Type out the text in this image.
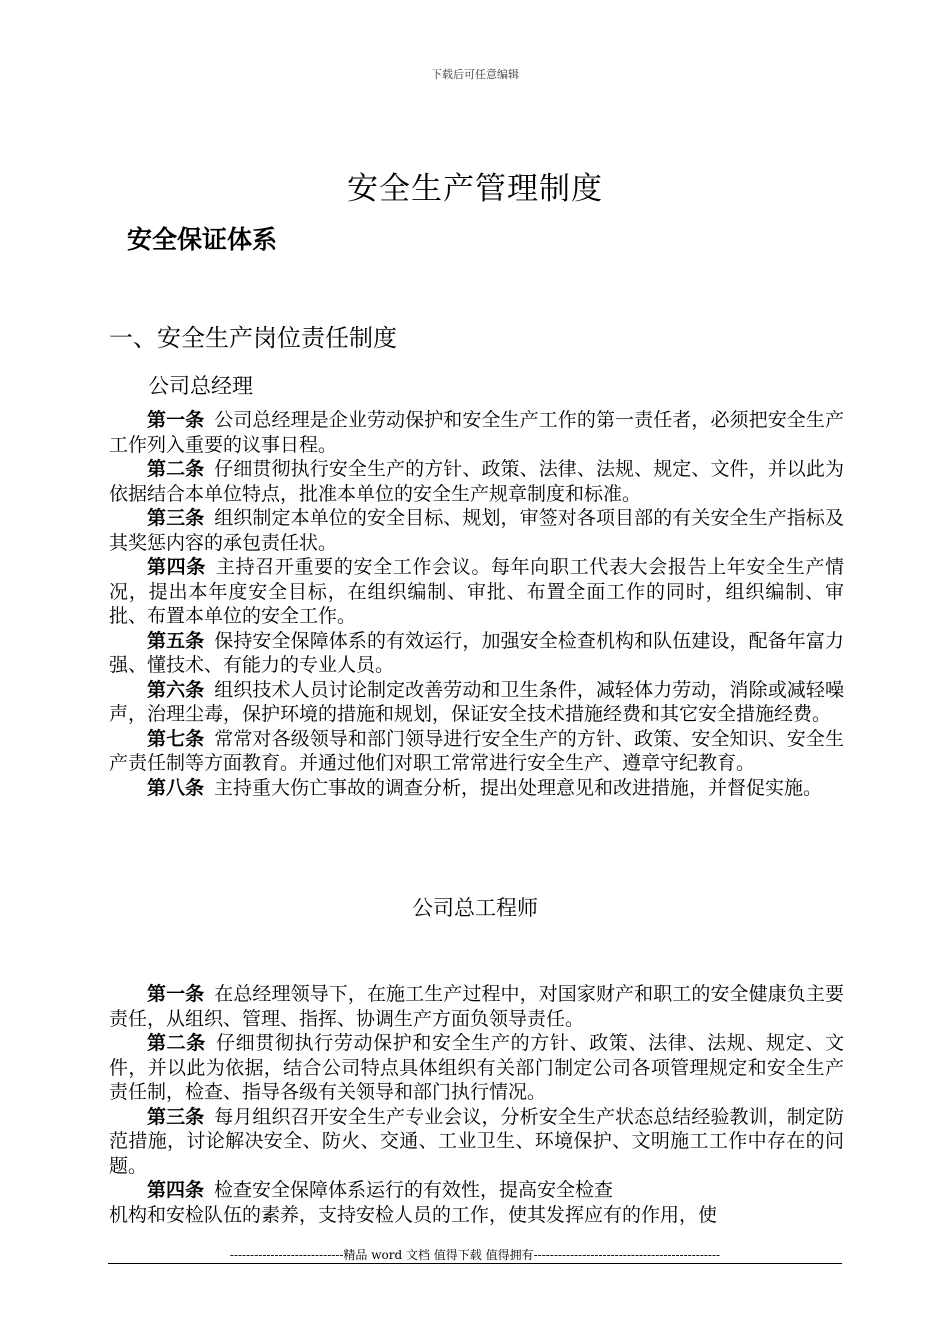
下载后可任意编辑
安全生产管理制度
安全保证体系
一、安全生产岗位责任制度
公司总经理

第一条 公司总经理是企业劳动保护和安全生产工作的第一责任者，必须把安全生产工作列入重要的议事日程。

第二条 仔细贯彻执行安全生产的方针、政策、法律、法规、规定、文件，并以此为依据结合本单位特点，批准本单位的安全生产规章制度和标准。

第三条 组织制定本单位的安全目标、规划，审签对各项目部的有关安全生产指标及其奖惩内容的承包责任状。

第四条 主持召开重要的安全工作会议。每年向职工代表大会报告上年安全生产情况，提出本年度安全目标，在组织编制、审批、布置全面工作的同时，组织编制、审批、布置本单位的安全工作。

第五条 保持安全保障体系的有效运行，加强安全检查机构和队伍建设，配备年富力强、懂技术、有能力的专业人员。

第六条 组织技术人员讨论制定改善劳动和卫生条件，减轻体力劳动，消除或减轻噪声，治理尘毒，保护环境的措施和规划，保证安全技术措施经费和其它安全措施经费。

第七条 常常对各级领导和部门领导进行安全生产的方针、政策、安全知识、安全生产责任制等方面教育。并通过他们对职工常常进行安全生产、遵章守纪教育。

第八条 主持重大伤亡事故的调查分析，提出处理意见和改进措施，并督促实施。

公司总工程师

第一条 在总经理领导下，在施工生产过程中，对国家财产和职工的安全健康负主要责任，从组织、管理、指挥、协调生产方面负领导责任。

第二条 仔细贯彻执行劳动保护和安全生产的方针、政策、法律、法规、规定、文件，并以此为依据，结合公司特点具体组织有关部门制定公司各项管理规定和安全生产责任制，检查、指导各级有关领导和部门执行情况。

第三条 每月组织召开安全生产专业会议，分析安全生产状态总结经验教训，制定防范措施，讨论解决安全、防火、交通、工业卫生、环境保护、文明施工工作中存在的问题。

第四条 检查安全保障体系运行的有效性，提高安全检查

机构和安检队伍的素养，支持安检人员的工作，使其发挥应有的作用，使

----------------------------精品 word 文档 值得下载 值得拥有----------------------------------------------
